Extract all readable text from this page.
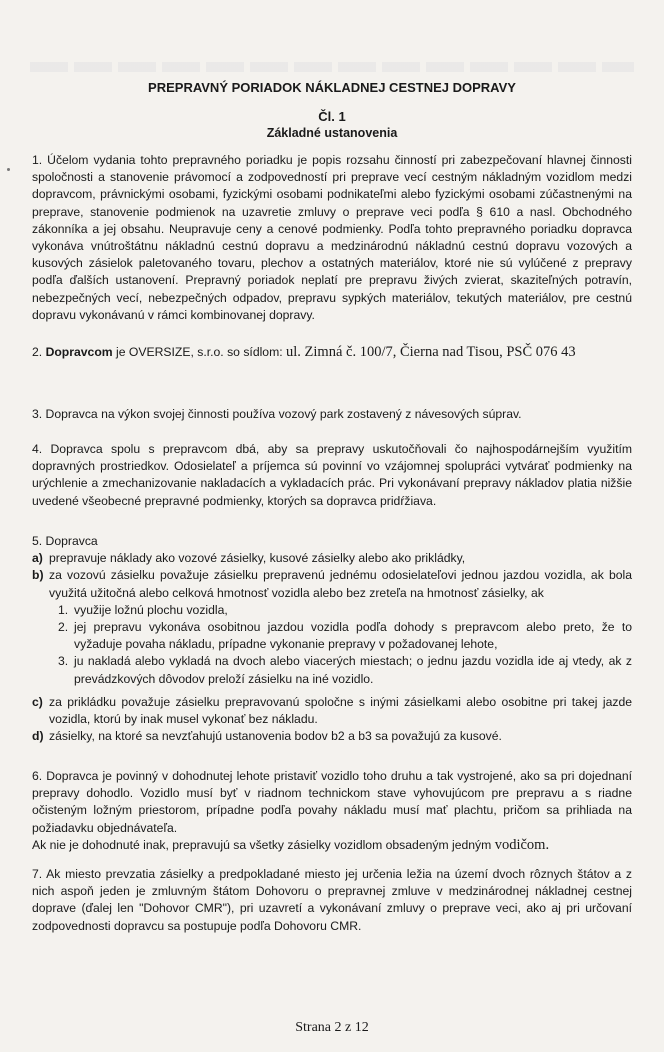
PREPRAVNÝ PORIADOK NÁKLADNEJ CESTNEJ DOPRAVY
Čl. 1
Základné ustanovenia
1. Účelom vydania tohto prepravného poriadku je popis rozsahu činností pri zabezpečovaní hlavnej činnosti spoločnosti a stanovenie právomocí a zodpovedností pri preprave vecí cestným nákladným vozidlom medzi dopravcom, právnickými osobami, fyzickými osobami podnikateľmi alebo fyzickými osobami zúčastnenými na preprave, stanovenie podmienok na uzavretie zmluvy o preprave veci podľa § 610 a nasl. Obchodného zákonníka a jej obsahu. Neupravuje ceny a cenové podmienky. Podľa tohto prepravného poriadku dopravca vykonáva vnútroštátnu nákladnú cestnú dopravu a medzinárodnú nákladnú cestnú dopravu vozových a kusových zásielok paletovaného tovaru, plechov a ostatných materiálov, ktoré nie sú vylúčené z prepravy podľa ďalších ustanovení. Prepravný poriadok neplatí pre prepravu živých zvierat, skaziteľných potravín, nebezpečných vecí, nebezpečných odpadov, prepravu sypkých materiálov, tekutých materiálov, pre cestnú dopravu vykonávanú v rámci kombinovanej dopravy.
2. Dopravcom je OVERSIZE, s.r.o. so sídlom: ul. Zimná č. 100/7, Čierna nad Tisou, PSČ 076 43
3. Dopravca na výkon svojej činnosti používa vozový park zostavený z návesových súprav.
4. Dopravca spolu s prepravcom dbá, aby sa prepravy uskutočňovali čo najhospodárnejším využitím dopravných prostriedkov. Odosielateľ a príjemca sú povinní vo vzájomnej spolupráci vytvárať podmienky na urýchlenie a zmechanizovanie nakladacích a vykladacích prác. Pri vykonávaní prepravy nákladov platia nižšie uvedené všeobecné prepravné podmienky, ktorých sa dopravca pridŕžiava.
5. Dopravca
a) prepravuje náklady ako vozové zásielky, kusové zásielky alebo ako prikládky,
b) za vozovú zásielku považuje zásielku prepravenú jednému odosielateľovi jednou jazdou vozidla, ak bola využitá užitočná alebo celková hmotnosť vozidla alebo bez zreteľa na hmotnosť zásielky, ak
1. využije ložnú plochu vozidla,
2. jej prepravu vykonáva osobitnou jazdou vozidla podľa dohody s prepravcom alebo preto, že to vyžaduje povaha nákladu, prípadne vykonanie prepravy v požadovanej lehote,
3. ju nakladá alebo vykladá na dvoch alebo viacerých miestach; o jednu jazdu vozidla ide aj vtedy, ak z prevádzkových dôvodov preloží zásielku na iné vozidlo.
c) za prikládku považuje zásielku prepravovanú spoločne s inými zásielkami alebo osobitne pri takej jazde vozidla, ktorú by inak musel vykonať bez nákladu.
d) zásielky, na ktoré sa nevzťahujú ustanovenia bodov b2 a b3 sa považujú za kusové.
6. Dopravca je povinný v dohodnutej lehote pristaviť vozidlo toho druhu a tak vystrojené, ako sa pri dojednaní prepravy dohodlo. Vozidlo musí byť v riadnom technickom stave vyhovujúcom pre prepravu a s riadne očisteným ložným priestorom, prípadne podľa povahy nákladu musí mať plachtu, pričom sa prihliada na požiadavku objednávateľa.
Ak nie je dohodnuté inak, prepravujú sa všetky zásielky vozidlom obsadeným jedným vodičom.
7. Ak miesto prevzatia zásielky a predpokladané miesto jej určenia ležia na území dvoch rôznych štátov a z nich aspoň jeden je zmluvným štátom Dohovoru o prepravnej zmluve v medzinárodnej nákladnej cestnej doprave (ďalej len "Dohovor CMR"), pri uzavretí a vykonávaní zmluvy o preprave veci, ako aj pri určovaní zodpovednosti dopravcu sa postupuje podľa Dohovoru CMR.
Strana 2 z 12
